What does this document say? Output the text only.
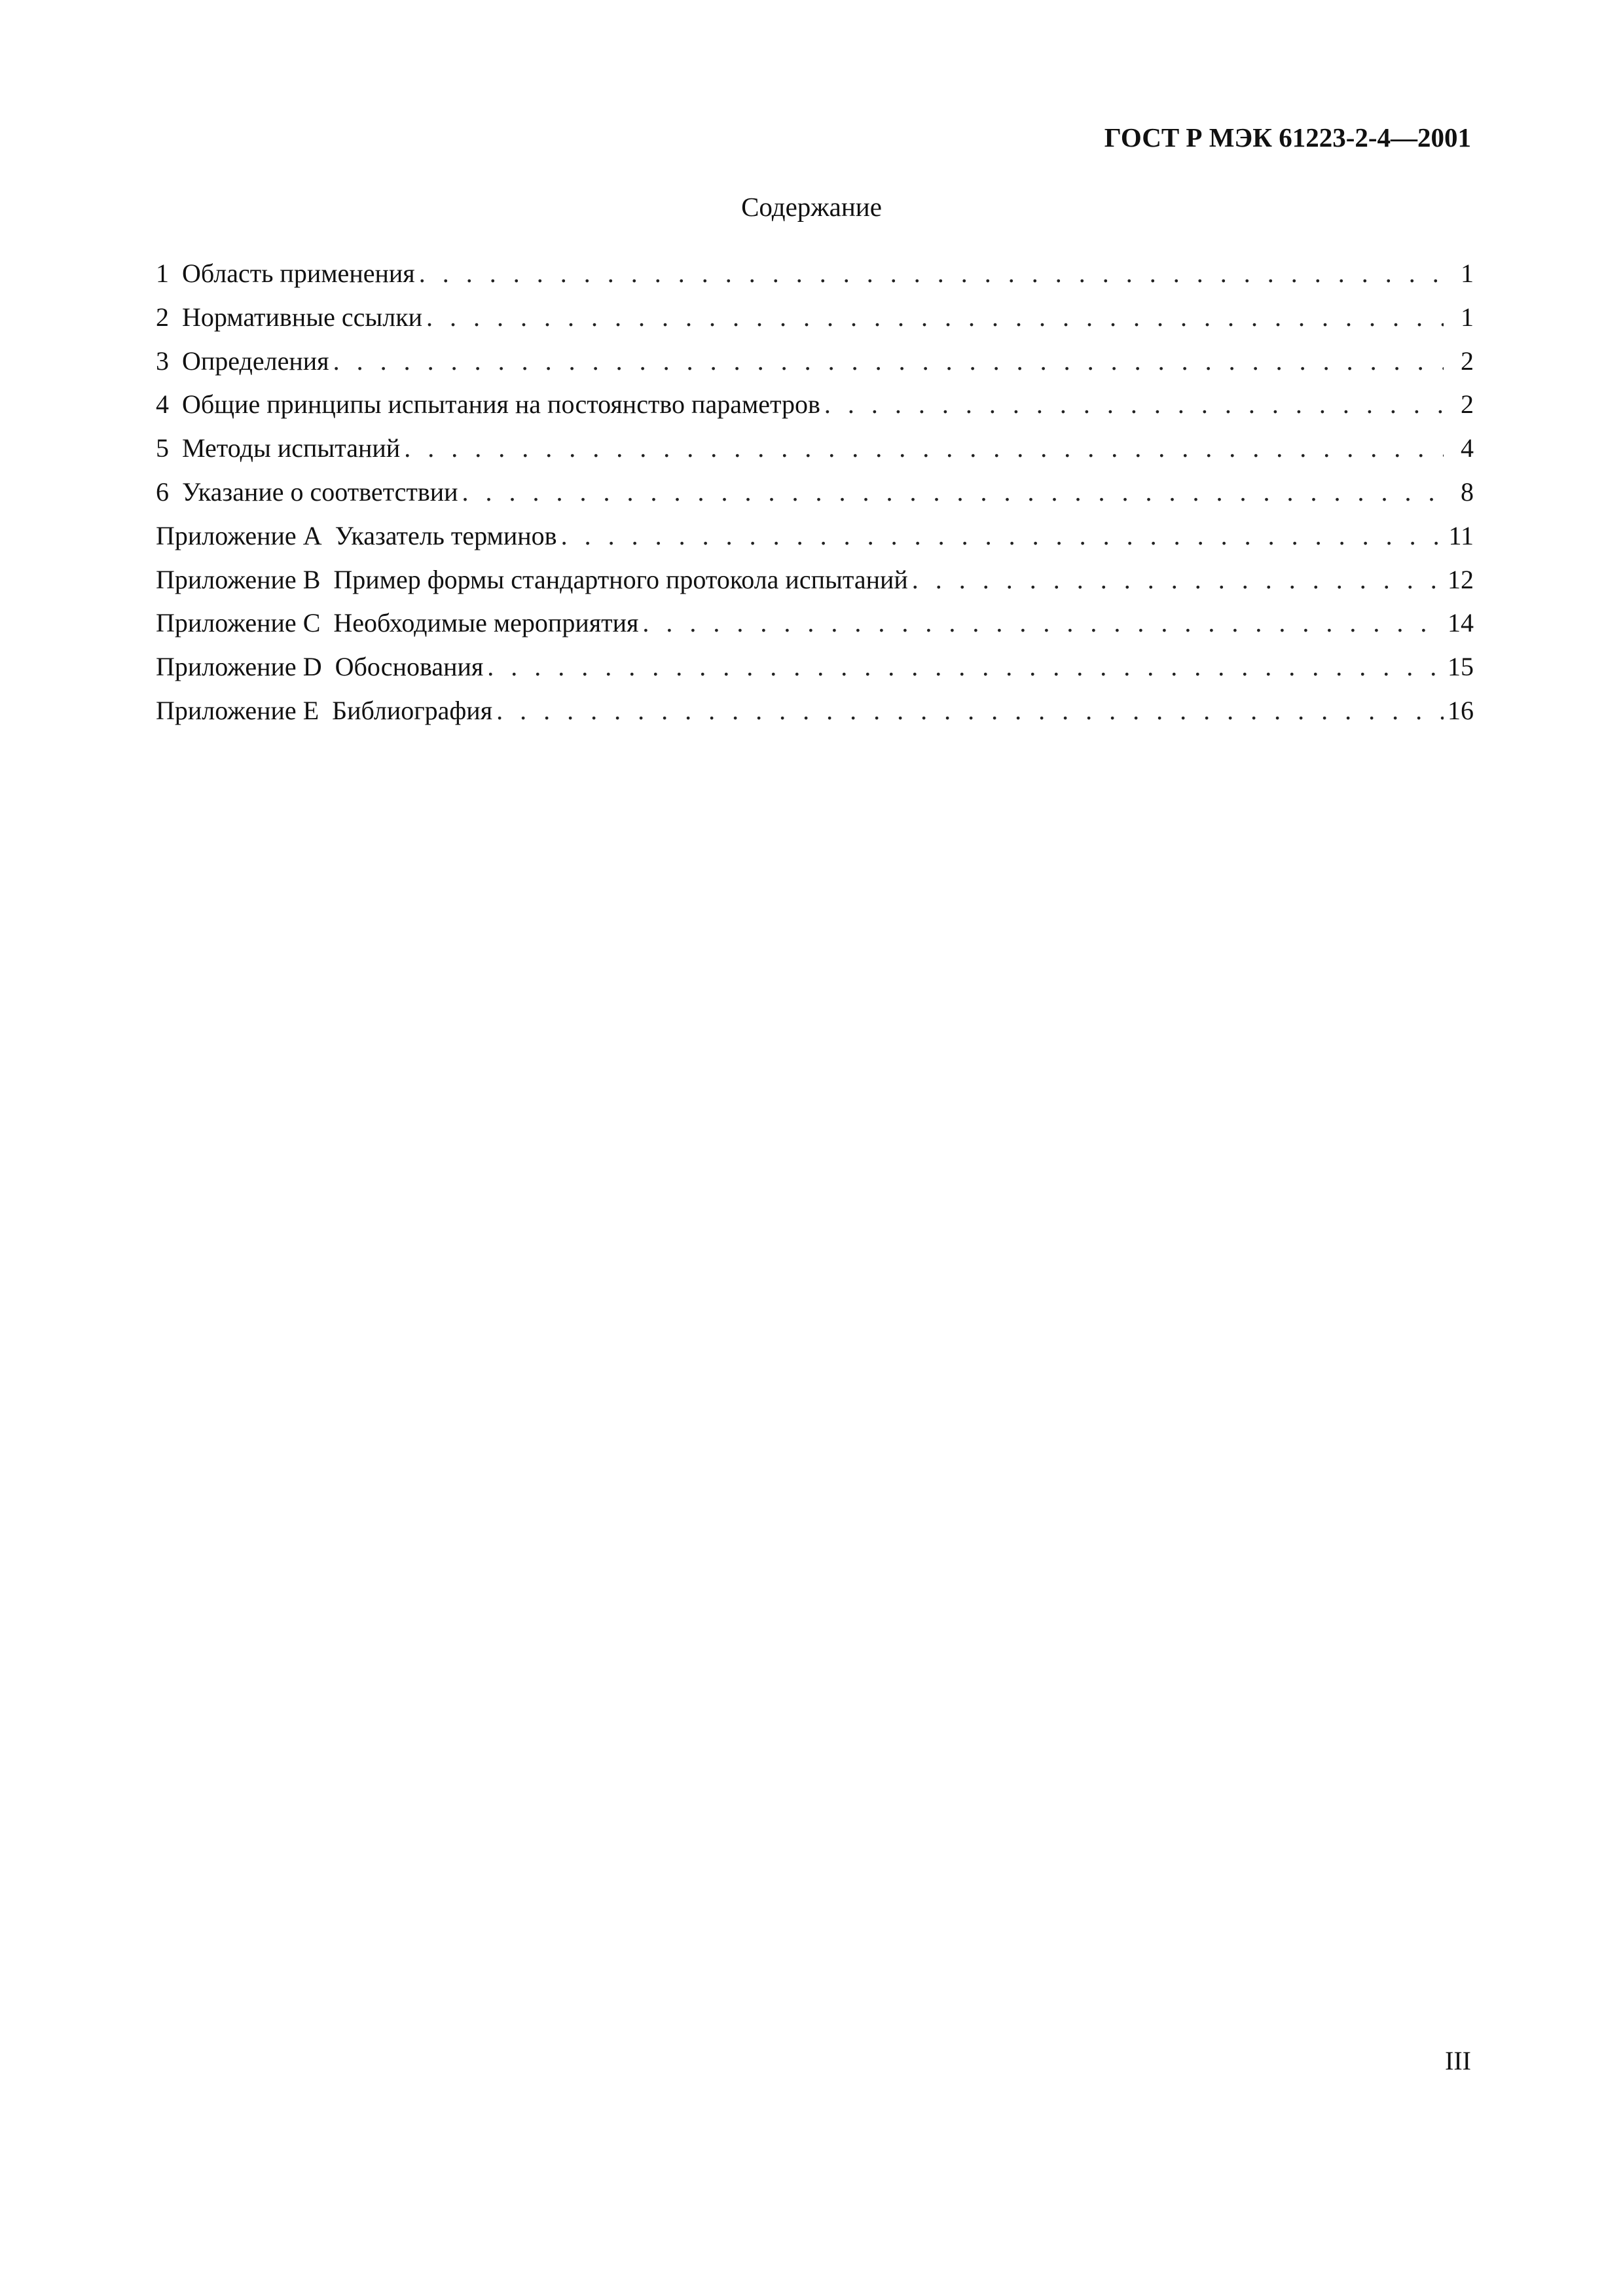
ГОСТ Р МЭК 61223-2-4—2001
Содержание
1  Область применения . . .	1
2  Нормативные ссылки . . .	1
3  Определения . . .	2
4  Общие принципы испытания на постоянство параметров . . .	2
5  Методы испытаний . . .	4
6  Указание о соответствии . . .	8
Приложение А  Указатель терминов . . .	11
Приложение В  Пример формы стандартного протокола испытаний . . .	12
Приложение С  Необходимые мероприятия . . .	14
Приложение D  Обоснования . . .	15
Приложение Е  Библиография . . .	16
III
